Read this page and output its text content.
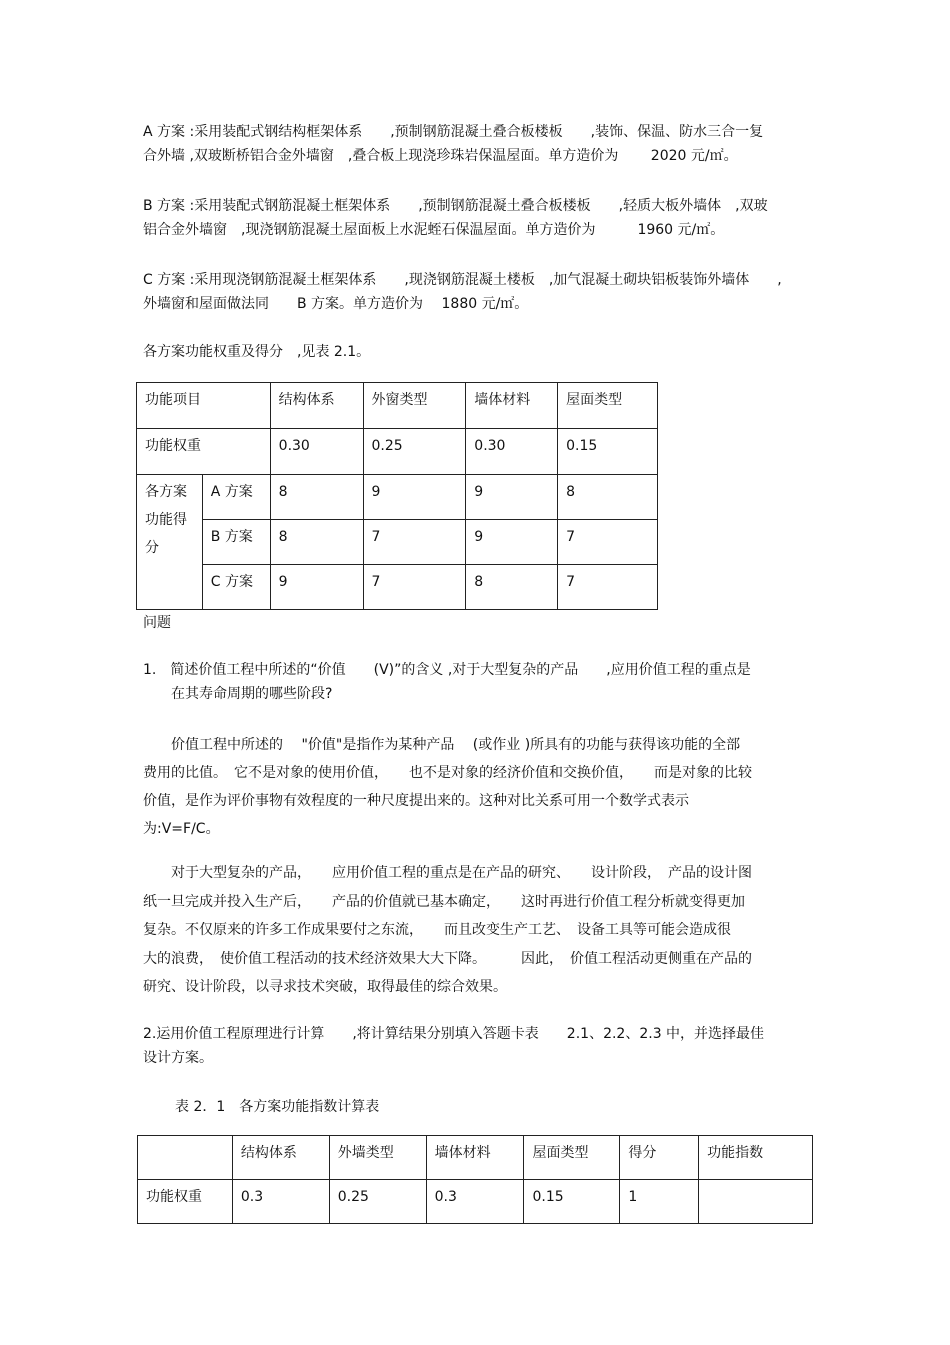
A 方案 :采用装配式钢结构框架体系　　,预制钢筋混凝土叠合板楼板　　,装饰、保温、防水三合一复
合外墙 ,双玻断桥铝合金外墙窗　,叠合板上现浇珍珠岩保温屋面。单方造价为　　 2020 元/㎡。

B 方案 :采用装配式钢筋混凝土框架体系　　,预制钢筋混凝土叠合板楼板　　,轻质大板外墙体　,双玻
铝合金外墙窗　,现浇钢筋混凝土屋面板上水泥蛭石保温屋面。单方造价为　　　1960 元/㎡。

C 方案 :采用现浇钢筋混凝土框架体系　　,现浇钢筋混凝土楼板　,加气混凝土砌块铝板装饰外墙体　　,
外墙窗和屋面做法同　　B 方案。单方造价为　 1880 元/㎡。

各方案功能权重及得分　,见表 2.1。

功能项目		结构体系	外窗类型	墙体材料	屋面类型
功能权重		0.30	0.25	0.30	0.15

各方案
功能得
分	A 方案	8	9	9	8
	B 方案	8	7	9	7
	C 方案	9	7	8	7

问题

1.　简述价值工程中所述的“价值　　(V)”的含义 ,对于大型复杂的产品　　,应用价值工程的重点是
　　在其寿命周期的哪些阶段?

　　价值工程中所述的　 "价值"是指作为某种产品　 (或作业 )所具有的功能与获得该功能的全部
费用的比值。　它不是对象的使用价值，　　也不是对象的经济价值和交换价值，　　而是对象的比较
价值，是作为评价事物有效程度的一种尺度提出来的。这种对比关系可用一个数学式表示
为:V=F/C。

　　对于大型复杂的产品，　　应用价值工程的重点是在产品的研究、　　设计阶段，　产品的设计图
纸一旦完成并投入生产后，　　产品的价值就已基本确定，　　这时再进行价值工程分析就变得更加
复杂。不仅原来的许多工作成果要付之东流，　　而且改变生产工艺、　设备工具等可能会造成很
大的浪费，　使价值工程活动的技术经济效果大大下降。　　　因此，　价值工程活动更侧重在产品的
研究、设计阶段，以寻求技术突破，取得最佳的综合效果。

2.运用价值工程原理进行计算　　,将计算结果分别填入答题卡表　　2.1、2.2、2.3 中，并选择最佳
设计方案。

表 2．1　各方案功能指数计算表

	结构体系	外墙类型	墙体材料	屋面类型	得分	功能指数
功能权重	0.3	0.25	0.3	0.15	1	
